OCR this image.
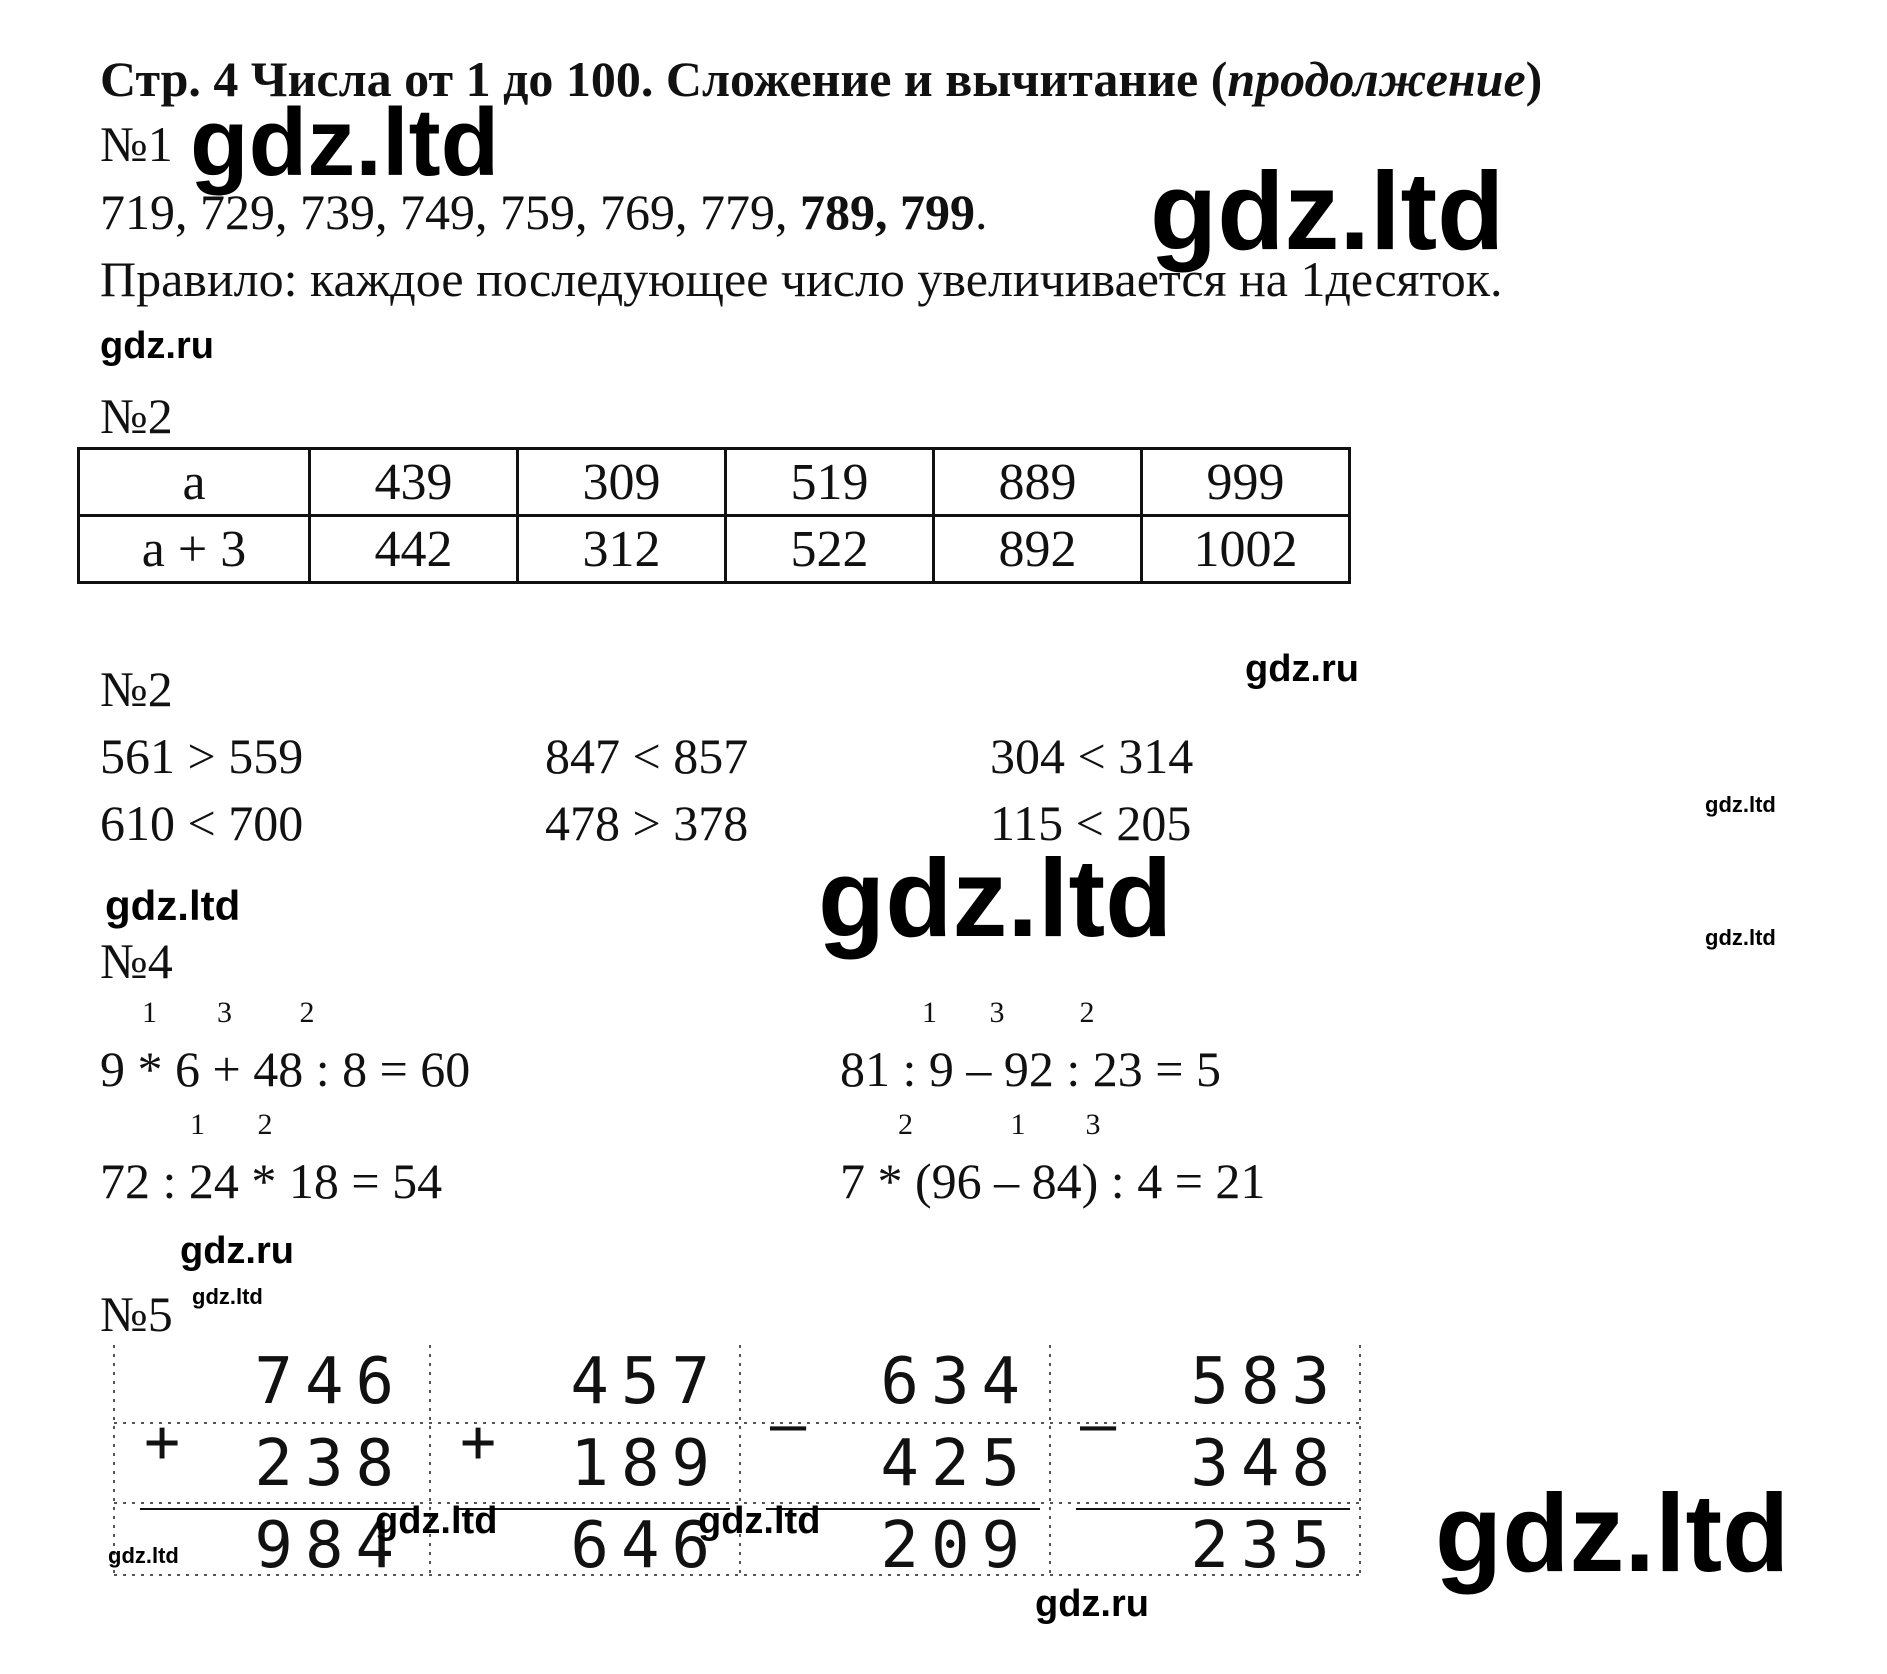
Стр. 4 Числа от 1 до 100. Сложение и вычитание (продолжение)
№1
719, 729, 739, 749, 759, 769, 779, 789, 799.
Правило: каждое последующее число увеличивается на 1десяток.
№2
a	439	309	519	889	999
a + 3	442	312	522	892	1002
№2
561 > 559	847 < 857	304 < 314
610 < 700	478 > 378	115 < 205
№4
1        3         2
9 * 6 + 48 : 8 = 60
1       2
72 : 24 * 18 = 54
1       3          2
81 : 9 – 92 : 23 = 5
2             1        3
7 * (96 – 84) : 4 = 21
№5
746
+ 238
984
457
+ 189
646
634
–
425
209
583
–
348
235
gdz.ltd
gdz.ltd
gdz.ru
gdz.ru
gdz.ltd
gdz.ltd
gdz.ltd
gdz.ltd
gdz.ru
gdz.ltd
gdz.ltd
gdz.ltd	gdz.ltd	gdz.ltd
gdz.ru
